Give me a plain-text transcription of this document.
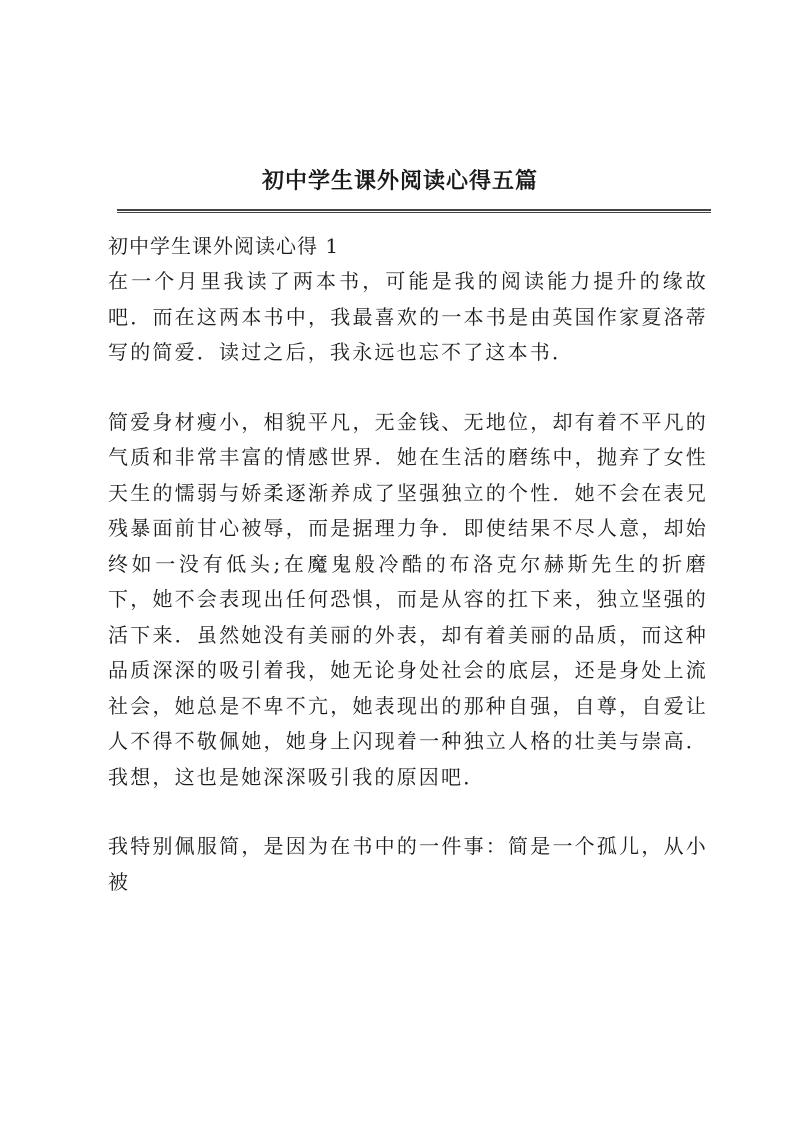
初中学生课外阅读心得五篇

初中学生课外阅读心得 1

在一个月里我读了两本书，可能是我的阅读能力提升的缘故吧．而在这两本书中，我最喜欢的一本书是由英国作家夏洛蒂写的简爱．读过之后，我永远也忘不了这本书．

简爱身材瘦小，相貌平凡，无金钱、无地位，却有着不平凡的气质和非常丰富的情感世界．她在生活的磨练中，抛弃了女性天生的懦弱与娇柔逐渐养成了坚强独立的个性．她不会在表兄残暴面前甘心被辱，而是据理力争．即使结果不尽人意，却始终如一没有低头;在魔鬼般冷酷的布洛克尔赫斯先生的折磨下，她不会表现出任何恐惧，而是从容的扛下来，独立坚强的活下来．虽然她没有美丽的外表，却有着美丽的品质，而这种品质深深的吸引着我，她无论身处社会的底层，还是身处上流社会，她总是不卑不亢，她表现出的那种自强，自尊，自爱让人不得不敬佩她，她身上闪现着一种独立人格的壮美与崇高．我想，这也是她深深吸引我的原因吧．

我特别佩服简，是因为在书中的一件事：简是一个孤儿，从小被
